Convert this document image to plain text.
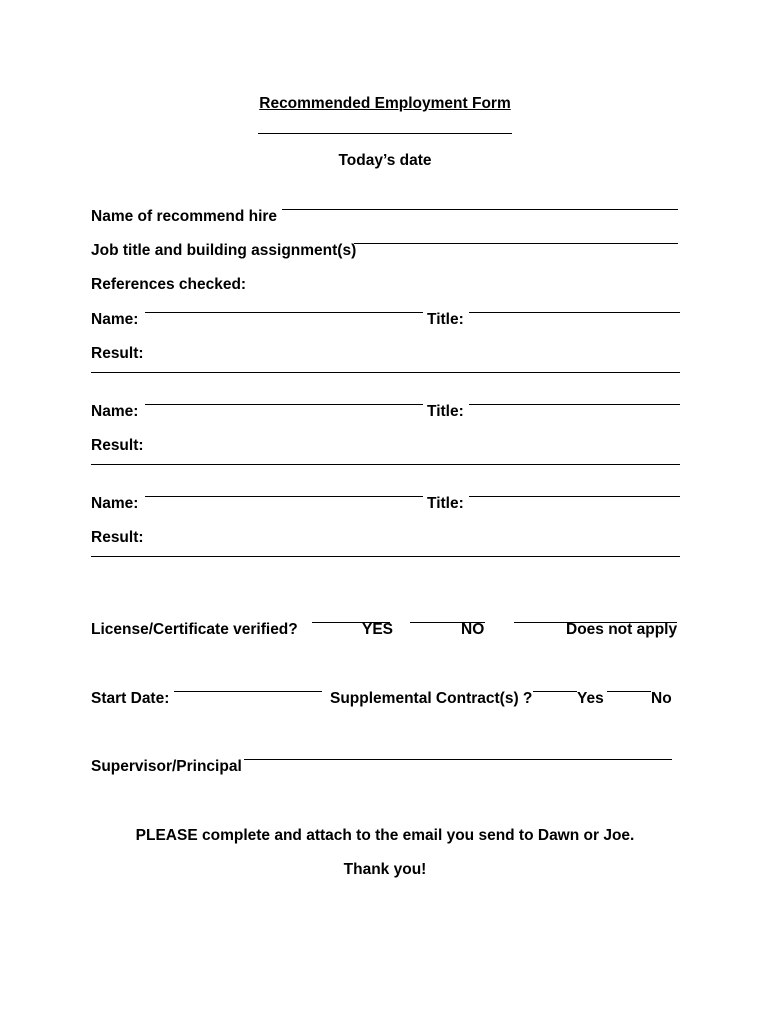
Recommended Employment Form
Today’s date
Name of recommend hire
Job title and building assignment(s)
References checked:
Name:	Title:
Result:
Name:	Title:
Result:
Name:	Title:
Result:
License/Certificate verified?	YES	NO	Does not apply
Start Date:	Supplemental Contract(s) ?	Yes	No
Supervisor/Principal
PLEASE complete and attach to the email you send to Dawn or Joe.
Thank you!
